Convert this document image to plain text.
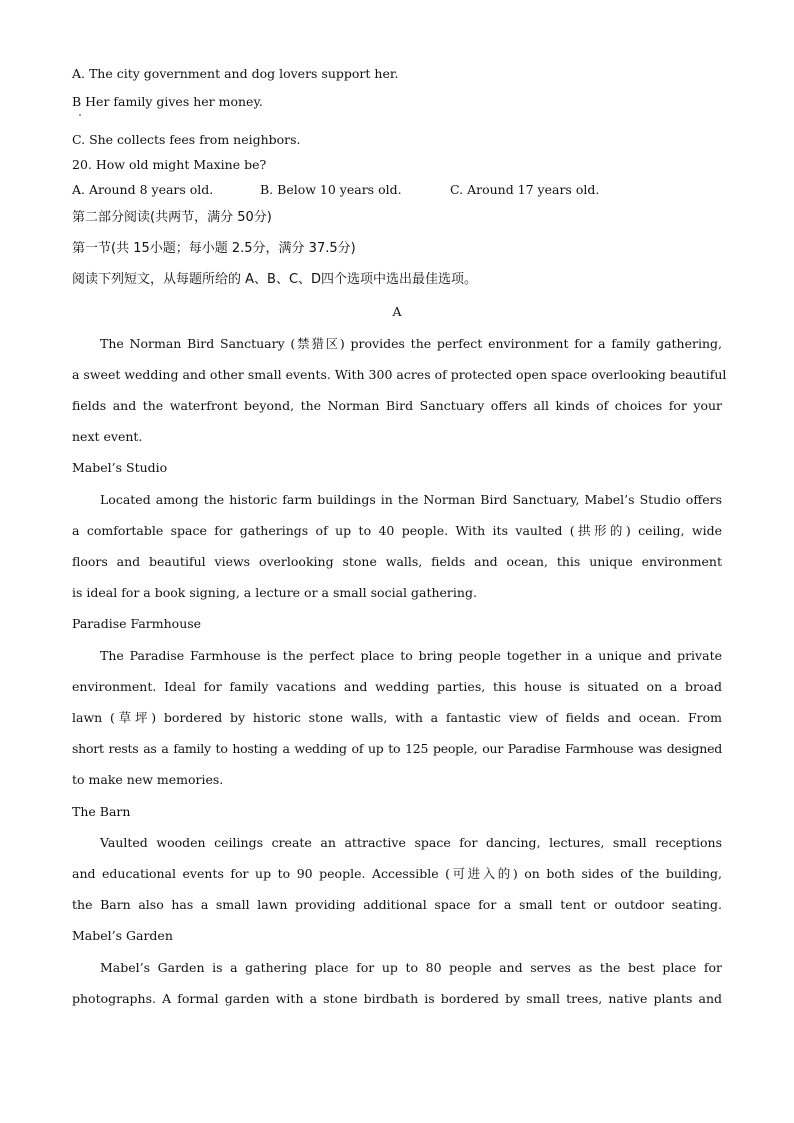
A. The city government and dog lovers support her.
B Her family gives her money.
C. She collects fees from neighbors.
20. How old might Maxine be?
A. Around 8 years old.	B. Below 10 years old.	C. Around 17 years old.
第二部分阅读(共两节，满分 50分)
第一节(共 15小题；每小题 2.5分，满分 37.5分)
阅读下列短文，从每题所给的 A、B、C、D四个选项中选出最佳选项。
A
The Norman Bird Sanctuary (禁猎区) provides the perfect environment for a family gathering,
a sweet wedding and other small events. With 300 acres of protected open space overlooking beautiful
fields and the waterfront beyond, the Norman Bird Sanctuary offers all kinds of choices for your
next event.
Mabel’s Studio
Located among the historic farm buildings in the Norman Bird Sanctuary, Mabel’s Studio offers
a comfortable space for gatherings of up to 40 people. With its vaulted (拱形的) ceiling, wide
floors and beautiful views overlooking stone walls, fields and ocean, this unique environment
is ideal for a book signing, a lecture or a small social gathering.
Paradise Farmhouse
The Paradise Farmhouse is the perfect place to bring people together in a unique and private
environment. Ideal for family vacations and wedding parties, this house is situated on a broad
lawn (草坪) bordered by historic stone walls, with a fantastic view of fields and ocean. From
short rests as a family to hosting a wedding of up to 125 people, our Paradise Farmhouse was designed
to make new memories.
The Barn
Vaulted wooden ceilings create an attractive space for dancing, lectures, small receptions
and educational events for up to 90 people. Accessible (可进入的) on both sides of the building,
the Barn also has a small lawn providing additional space for a small tent or outdoor seating.
Mabel’s Garden
Mabel’s Garden is a gathering place for up to 80 people and serves as the best place for
photographs. A formal garden with a stone birdbath is bordered by small trees, native plants and
